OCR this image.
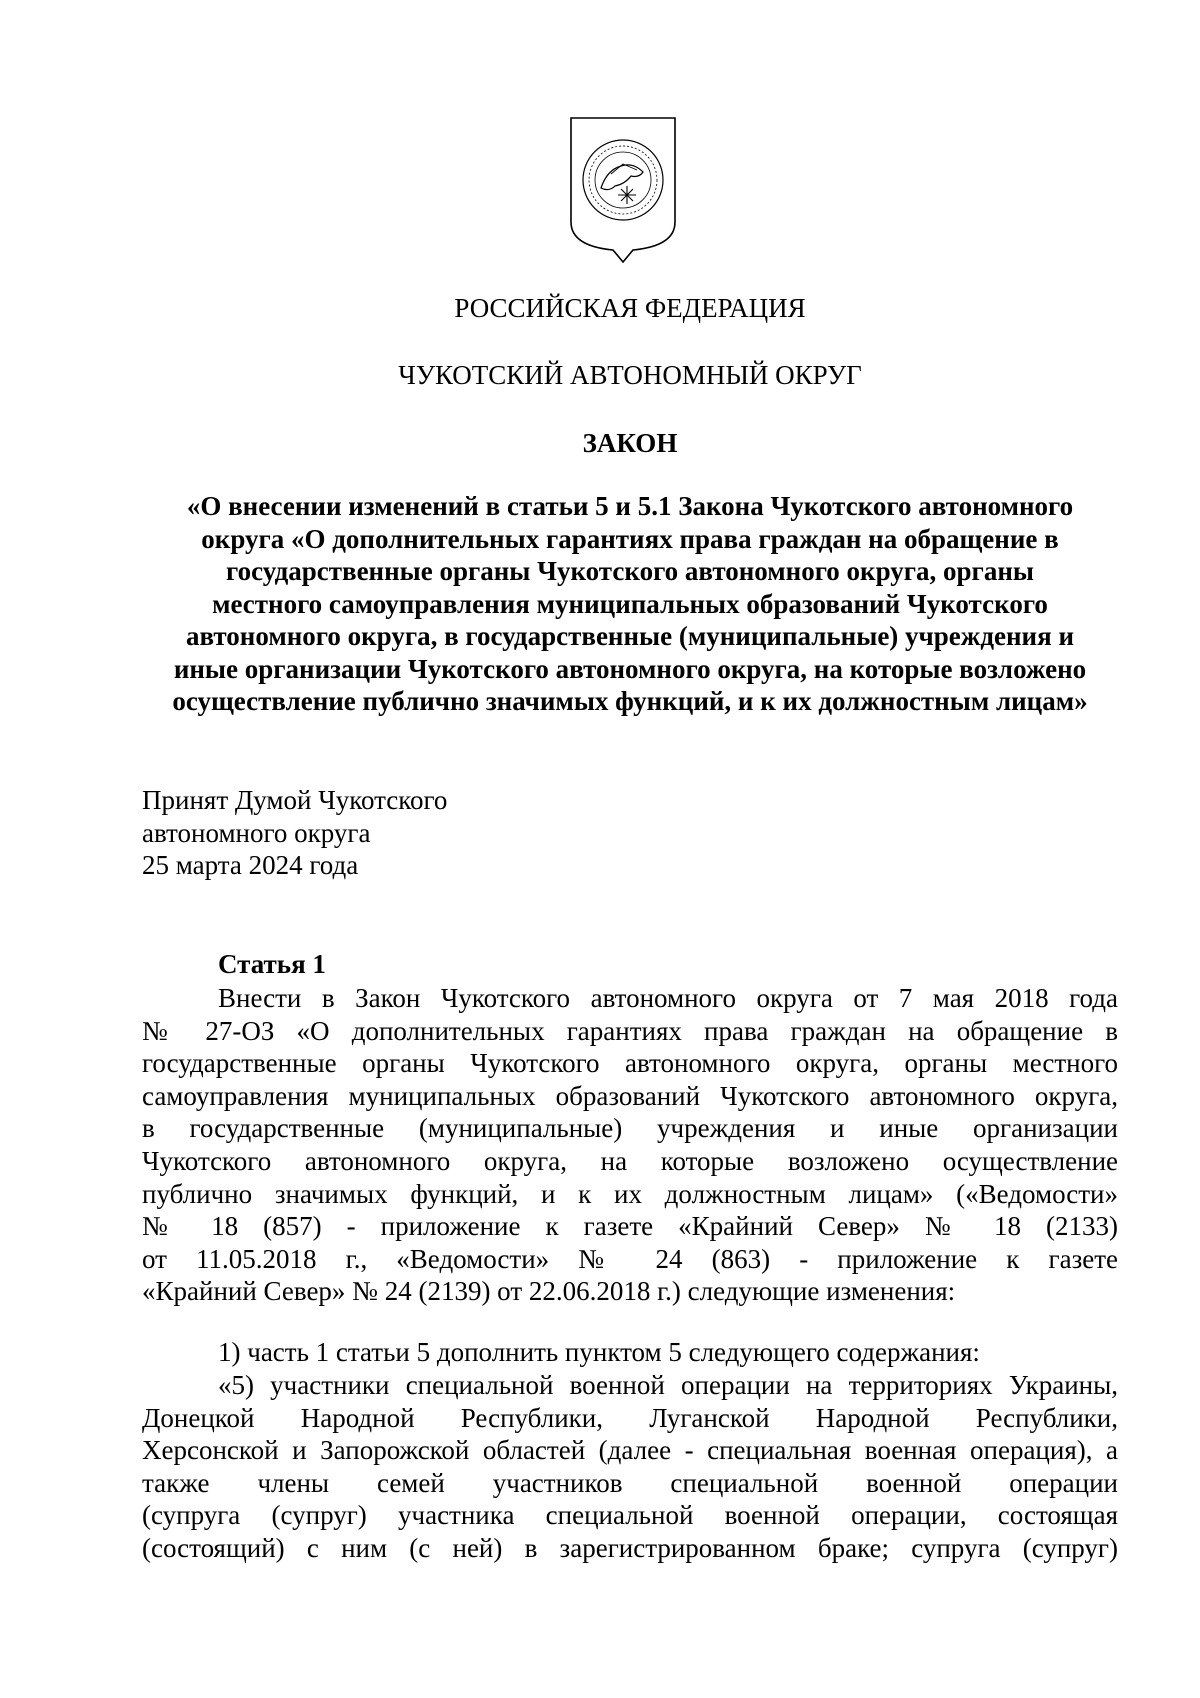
РОССИЙСКАЯ ФЕДЕРАЦИЯ
ЧУКОТСКИЙ АВТОНОМНЫЙ ОКРУГ
ЗАКОН
«О внесении изменений в статьи 5 и 5.1 Закона Чукотского автономного
округа «О дополнительных гарантиях права граждан на обращение в
государственные органы Чукотского автономного округа, органы
местного самоуправления муниципальных образований Чукотского
автономного округа, в государственные (муниципальные) учреждения и
иные организации Чукотского автономного округа, на которые возложено
осуществление публично значимых функций, и к их должностным лицам»
Принят Думой Чукотского
автономного округа
25 марта 2024 года
Статья 1
Внести в Закон Чукотского автономного округа от 7 мая 2018 года
№ 27-ОЗ «О дополнительных гарантиях права граждан на обращение в
государственные органы Чукотского автономного округа, органы местного
самоуправления муниципальных образований Чукотского автономного округа,
в государственные (муниципальные) учреждения и иные организации
Чукотского автономного округа, на которые возложено осуществление
публично значимых функций, и к их должностным лицам» («Ведомости»
№ 18 (857) - приложение к газете «Крайний Север» № 18 (2133)
от 11.05.2018 г., «Ведомости» № 24 (863) - приложение к газете
«Крайний Север» № 24 (2139) от 22.06.2018 г.) следующие изменения:
1) часть 1 статьи 5 дополнить пунктом 5 следующего содержания:
«5) участники специальной военной операции на территориях Украины,
Донецкой Народной Республики, Луганской Народной Республики,
Херсонской и Запорожской областей (далее - специальная военная операция), а
также члены семей участников специальной военной операции
(супруга (супруг) участника специальной военной операции, состоящая
(состоящий) с ним (с ней) в зарегистрированном браке; супруга (супруг)
